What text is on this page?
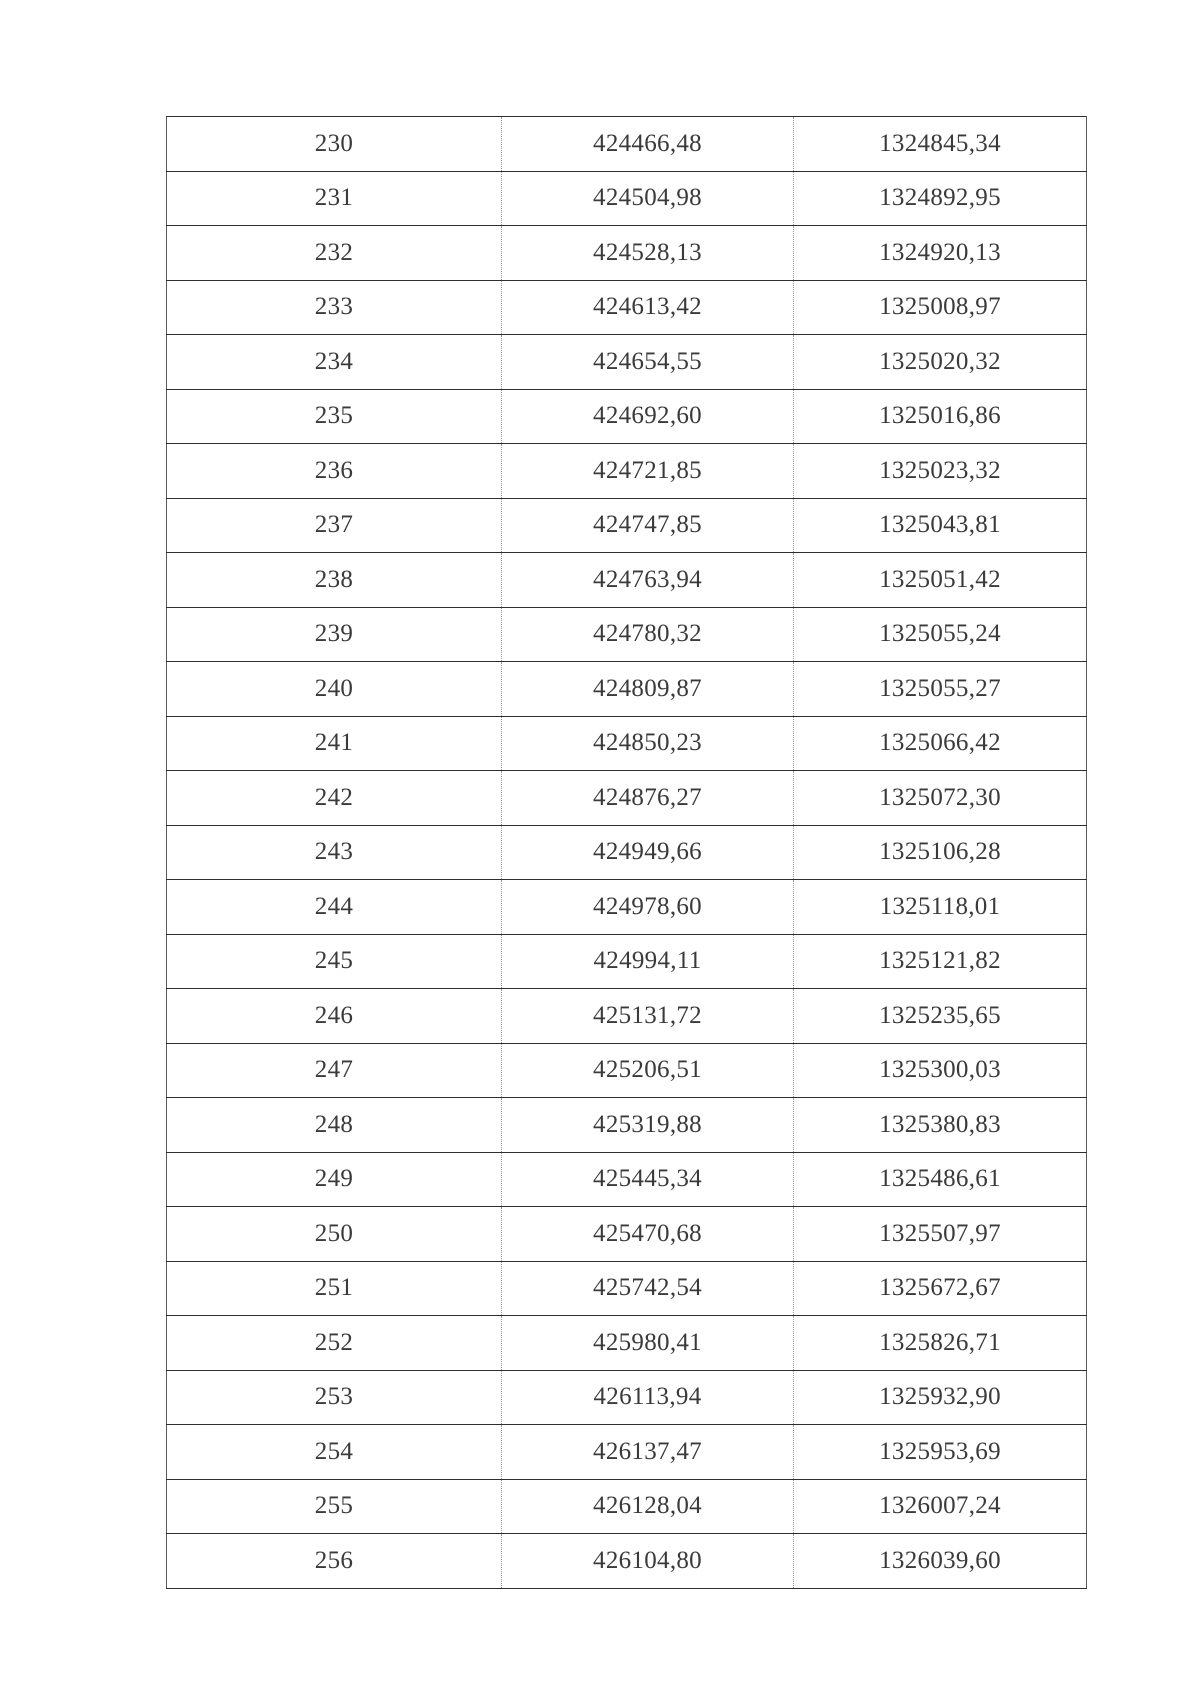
230	424466,48	1324845,34
231	424504,98	1324892,95
232	424528,13	1324920,13
233	424613,42	1325008,97
234	424654,55	1325020,32
235	424692,60	1325016,86
236	424721,85	1325023,32
237	424747,85	1325043,81
238	424763,94	1325051,42
239	424780,32	1325055,24
240	424809,87	1325055,27
241	424850,23	1325066,42
242	424876,27	1325072,30
243	424949,66	1325106,28
244	424978,60	1325118,01
245	424994,11	1325121,82
246	425131,72	1325235,65
247	425206,51	1325300,03
248	425319,88	1325380,83
249	425445,34	1325486,61
250	425470,68	1325507,97
251	425742,54	1325672,67
252	425980,41	1325826,71
253	426113,94	1325932,90
254	426137,47	1325953,69
255	426128,04	1326007,24
256	426104,80	1326039,60
